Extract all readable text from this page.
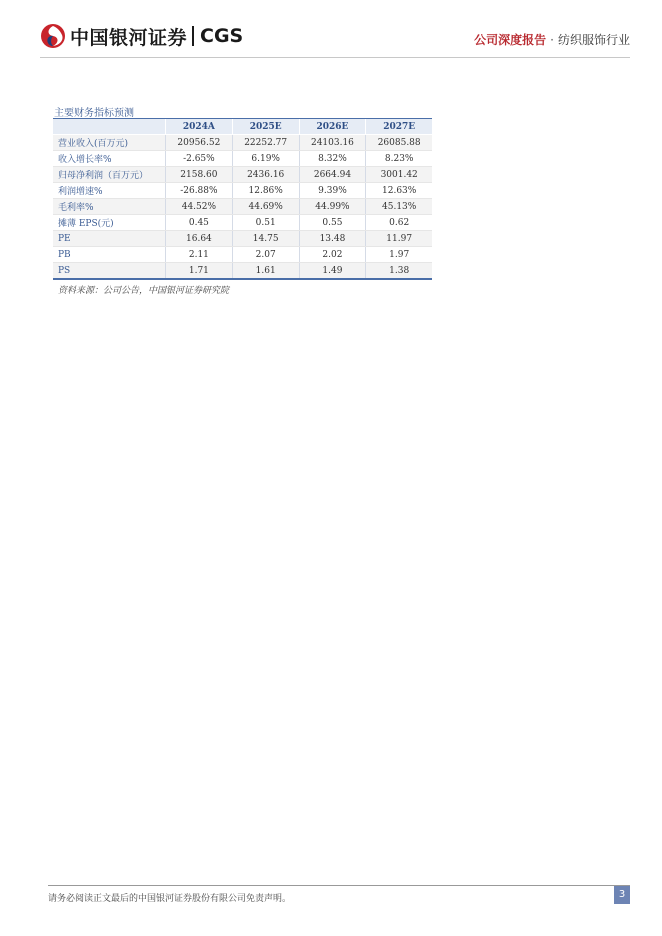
中国银河证券 CGS	公司深度报告 · 纺织服饰行业
主要财务指标预测
	2024A	2025E	2026E	2027E
营业收入(百万元)	20956.52	22252.77	24103.16	26085.88
收入增长率%	-2.65%	6.19%	8.32%	8.23%
归母净利润（百万元）	2158.60	2436.16	2664.94	3001.42
利润增速%	-26.88%	12.86%	9.39%	12.63%
毛利率%	44.52%	44.69%	44.99%	45.13%
摊薄 EPS(元)	0.45	0.51	0.55	0.62
PE	16.64	14.75	13.48	11.97
PB	2.11	2.07	2.02	1.97
PS	1.71	1.61	1.49	1.38
资料来源：公司公告，中国银河证券研究院
请务必阅读正文最后的中国银河证券股份有限公司免责声明。	3
